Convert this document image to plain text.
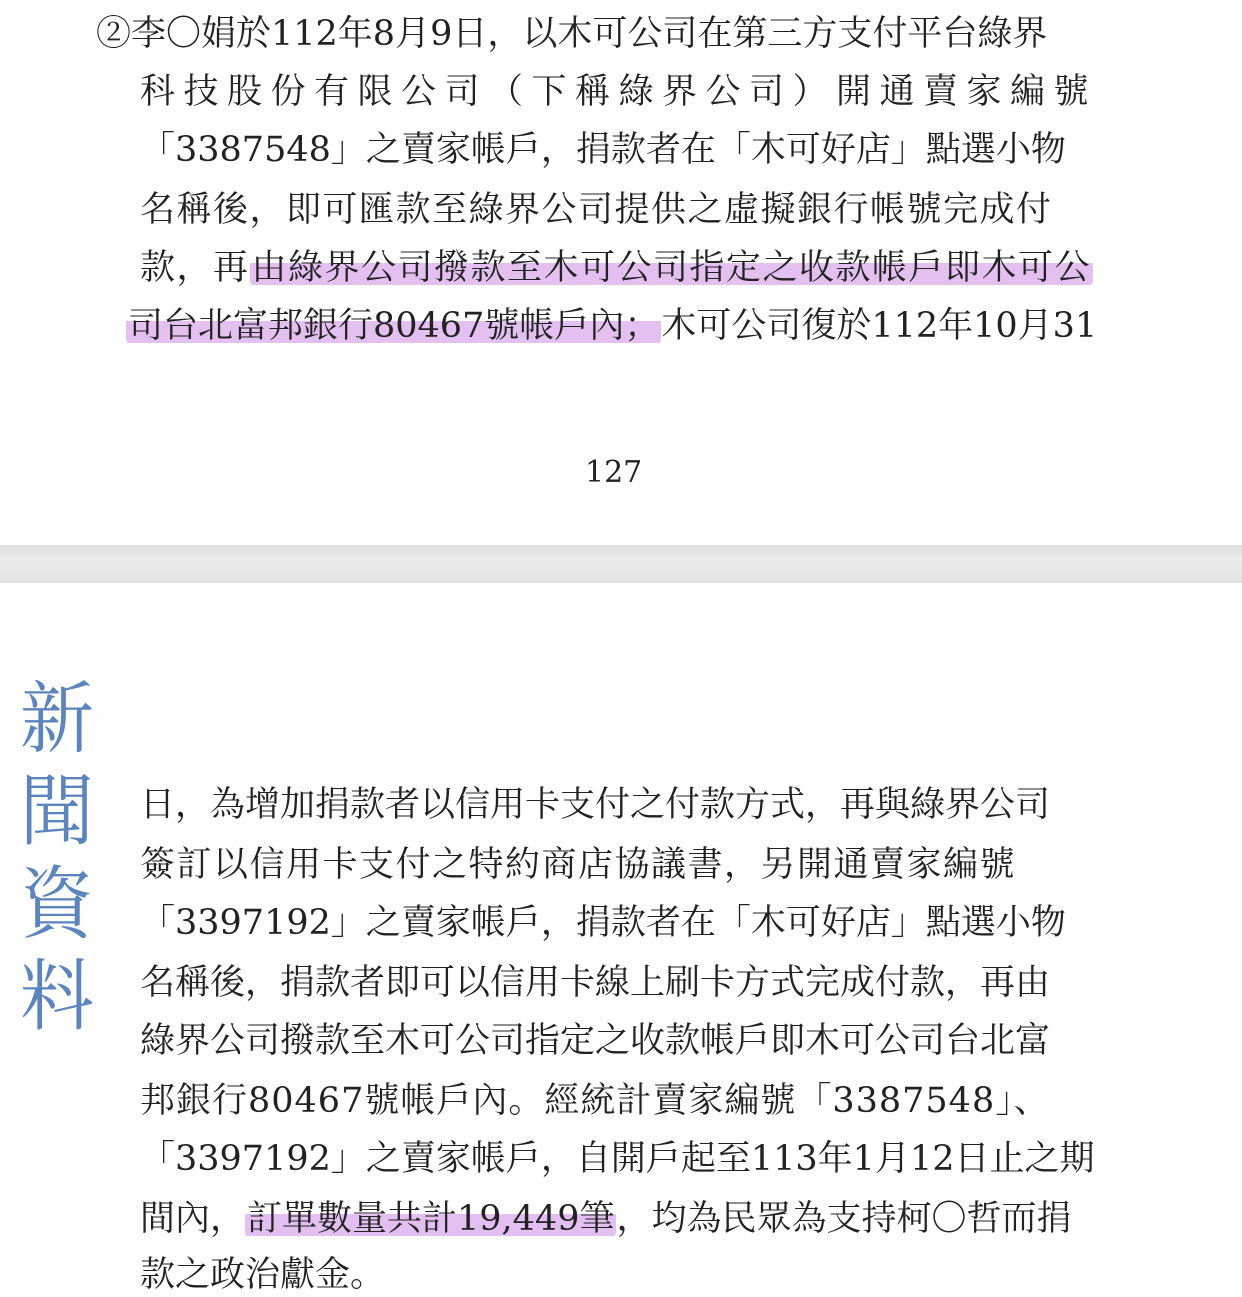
②李〇娟於112年8月9日，以木可公司在第三方支付平台綠界
科技股份有限公司（下稱綠界公司）開通賣家編號
「3387548」之賣家帳戶，捐款者在「木可好店」點選小物
名稱後，即可匯款至綠界公司提供之虛擬銀行帳號完成付
款，再由綠界公司撥款至木可公司指定之收款帳戶即木可公
司台北富邦銀行80467號帳戶內；木可公司復於112年10月31
127
日，為增加捐款者以信用卡支付之付款方式，再與綠界公司
簽訂以信用卡支付之特約商店協議書，另開通賣家編號
「3397192」之賣家帳戶，捐款者在「木可好店」點選小物
名稱後，捐款者即可以信用卡線上刷卡方式完成付款，再由
綠界公司撥款至木可公司指定之收款帳戶即木可公司台北富
邦銀行80467號帳戶內。經統計賣家編號「3387548」、
「3397192」之賣家帳戶，自開戶起至113年1月12日止之期
間內，訂單數量共計19,449筆，均為民眾為支持柯〇哲而捐
款之政治獻金。
新
聞
資
料
